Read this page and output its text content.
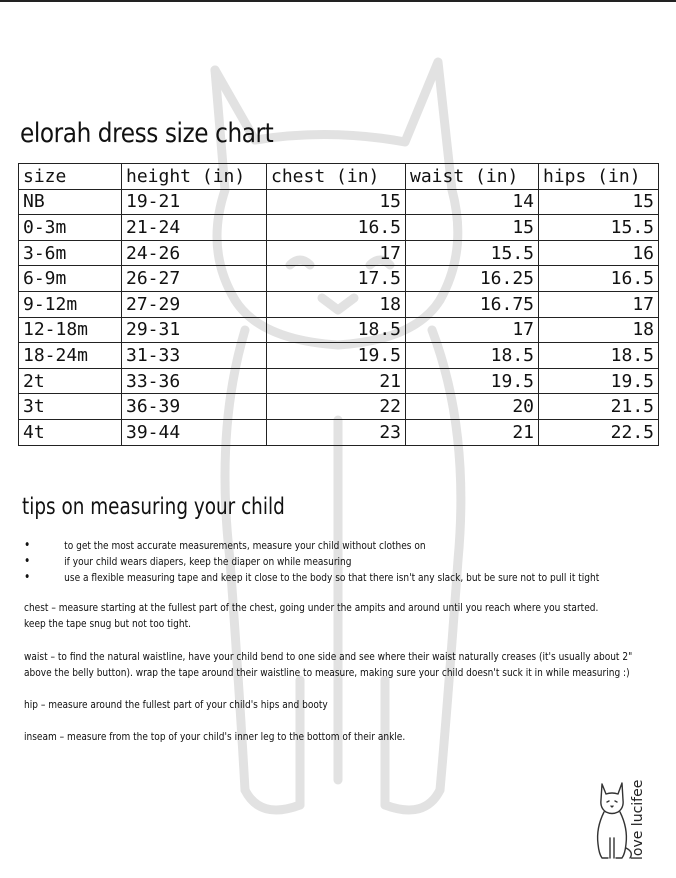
elorah dress size chart
size	height (in)	chest (in)	waist (in)	hips (in)
NB	19-21	15	14	15
0-3m	21-24	16.5	15	15.5
3-6m	24-26	17	15.5	16
6-9m	26-27	17.5	16.25	16.5
9-12m	27-29	18	16.75	17
12-18m	29-31	18.5	17	18
18-24m	31-33	19.5	18.5	18.5
2t	33-36	21	19.5	19.5
3t	36-39	22	20	21.5
4t	39-44	23	21	22.5
tips on measuring your child
• to get the most accurate measurements, measure your child without clothes on
• if your child wears diapers, keep the diaper on while measuring
• use a flexible measuring tape and keep it close to the body so that there isn't any slack, but be sure not to pull it tight
chest – measure starting at the fullest part of the chest, going under the ampits and around until you reach where you started.
keep the tape snug but not too tight.
waist – to find the natural waistline, have your child bend to one side and see where their waist naturally creases (it's usually about 2"
above the belly button). wrap the tape around their waistline to measure, making sure your child doesn't suck it in while measuring :)
hip – measure around the fullest part of your child's hips and booty
inseam – measure from the top of your child's inner leg to the bottom of their ankle.
love lucifee
